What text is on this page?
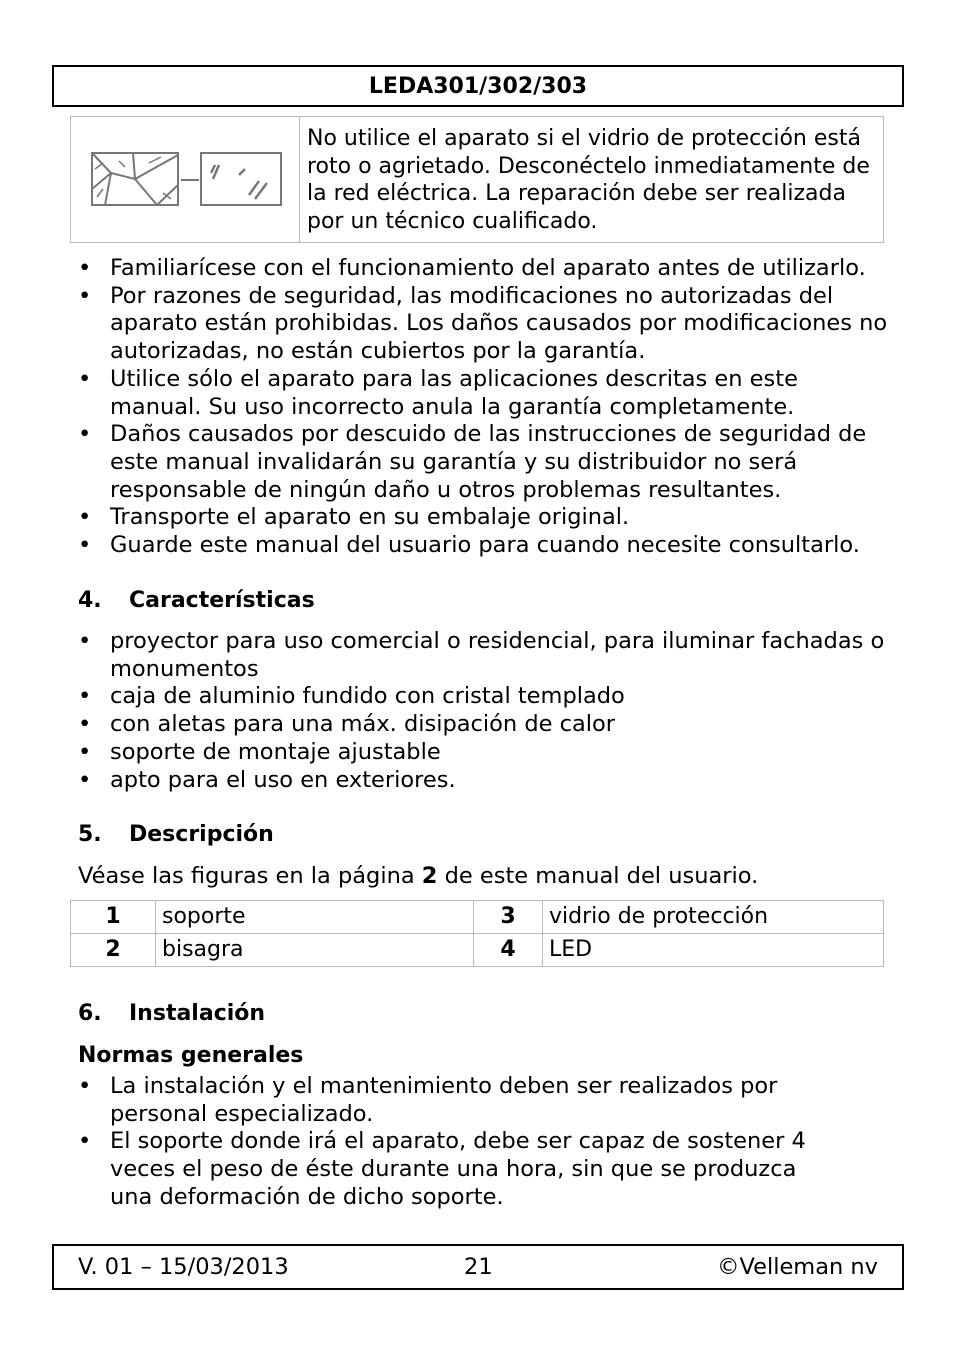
LEDA301/302/303
No utilice el aparato si el vidrio de protección está roto o agrietado. Desconéctelo inmediatamente de la red eléctrica. La reparación debe ser realizada por un técnico cualificado.
• Familiarícese con el funcionamiento del aparato antes de utilizarlo.
• Por razones de seguridad, las modificaciones no autorizadas del aparato están prohibidas. Los daños causados por modificaciones no autorizadas, no están cubiertos por la garantía.
• Utilice sólo el aparato para las aplicaciones descritas en este manual. Su uso incorrecto anula la garantía completamente.
• Daños causados por descuido de las instrucciones de seguridad de este manual invalidarán su garantía y su distribuidor no será responsable de ningún daño u otros problemas resultantes.
• Transporte el aparato en su embalaje original.
• Guarde este manual del usuario para cuando necesite consultarlo.
4. Características
• proyector para uso comercial o residencial, para iluminar fachadas o monumentos
• caja de aluminio fundido con cristal templado
• con aletas para una máx. disipación de calor
• soporte de montaje ajustable
• apto para el uso en exteriores.
5. Descripción
Véase las figuras en la página 2 de este manual del usuario.
1	soporte	3	vidrio de protección
2	bisagra	4	LED
6. Instalación
Normas generales
• La instalación y el mantenimiento deben ser realizados por personal especializado.
• El soporte donde irá el aparato, debe ser capaz de sostener 4 veces el peso de éste durante una hora, sin que se produzca una deformación de dicho soporte.
V. 01 – 15/03/2013	21	©Velleman nv
